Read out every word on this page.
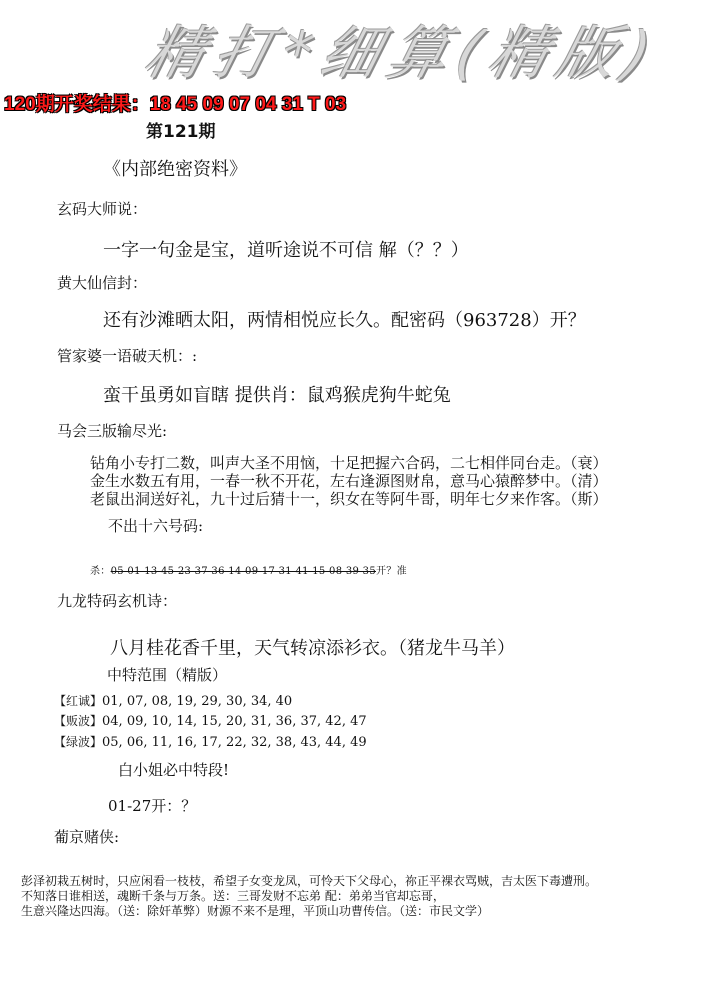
精打*细算(精版)
120期开奖结果：18 45 09 07 04 31 T 03
第121期
《内部绝密资料》
玄码大师说：
一字一句金是宝，道听途说不可信 解（？？）
黄大仙信封：
还有沙滩晒太阳，两情相悦应长久。配密码（963728）开？
管家婆一语破天机：:
蛮干虽勇如盲瞎 提供肖：鼠鸡猴虎狗牛蛇兔
马会三版输尽光:
钻角小专打二数，叫声大圣不用恼，十足把握六合码，二七相伴同台走。（衰）
金生水数五有用，一春一秋不开花，左右逢源图财帛，意马心猿醉梦中。（清）
老鼠出洞送好礼，九十过后猜十一，织女在等阿牛哥，明年七夕来作客。（斯）
不出十六号码:
杀：05 01 13 45 23 37 36 14 09 17 31 41 15 08 39 35开？准
九龙特码玄机诗：
八月桂花香千里，天气转凉添衫衣。（猪龙牛马羊）
中特范围（精版）
【红诚】01, 07, 08, 19, 29, 30, 34, 40
【贩波】04, 09, 10, 14, 15, 20, 31, 36, 37, 42, 47
【绿波】05, 06, 11, 16, 17, 22, 32, 38, 43, 44, 49
白小姐必中特段!
01-27开：？
葡京赌侠:
彭泽初栽五树时，只应闲看一枝枝，希望子女变龙凤，可怜天下父母心，祢正平裸衣骂贼，吉太医下毒遭刑。
不知落日谁相送，魂断千条与万条。送：三哥发财不忘弟 配：弟弟当官却忘哥，
生意兴隆达四海。（送：除奸革弊）财源不来不是理，平顶山功曹传信。（送：市民文学）
